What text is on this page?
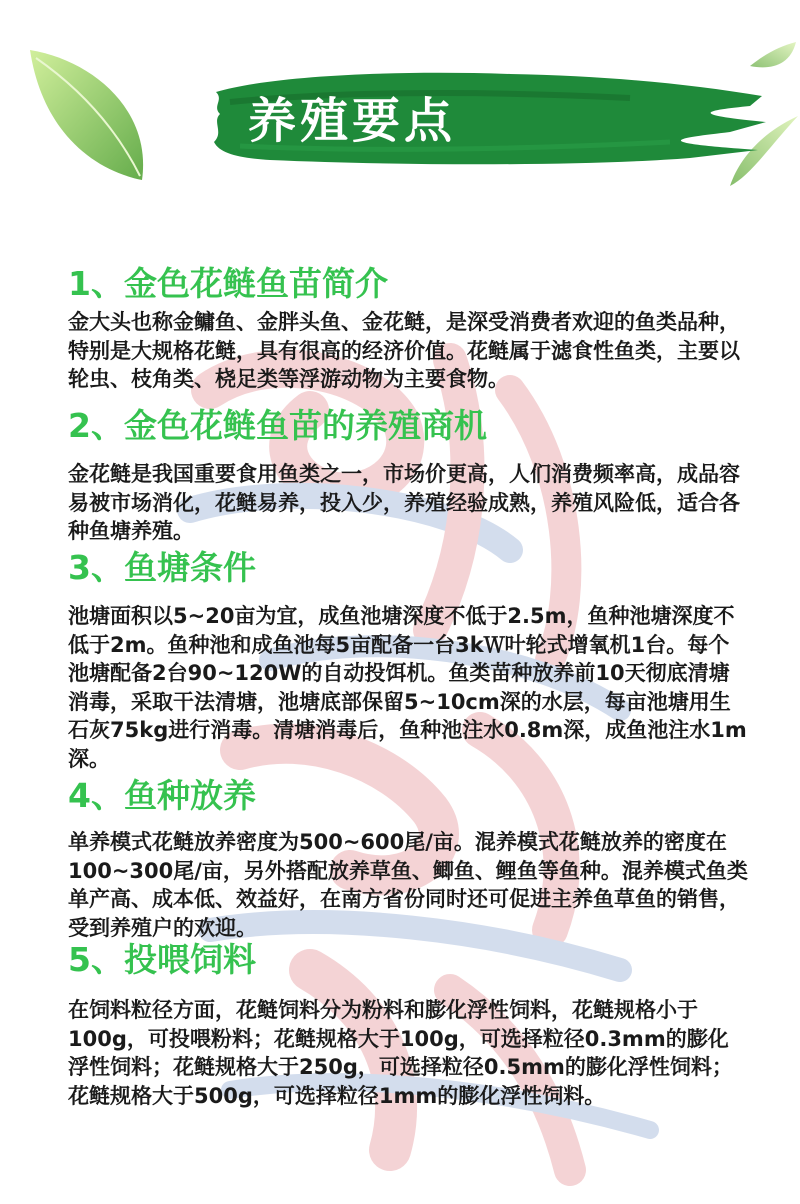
养殖要点
1、金色花鲢鱼苗简介

金大头也称金鳙鱼、金胖头鱼、金花鲢，是深受消费者欢迎的鱼类品种，特别是大规格花鲢，具有很高的经济价值。花鲢属于滤食性鱼类，主要以轮虫、枝角类、桡足类等浮游动物为主要食物。

2、金色花鲢鱼苗的养殖商机

金花鲢是我国重要食用鱼类之一，市场价更高，人们消费频率高，成品容易被市场消化，花鲢易养，投入少，养殖经验成熟，养殖风险低，适合各种鱼塘养殖。

3、鱼塘条件

池塘面积以5~20亩为宜，成鱼池塘深度不低于2.5m，鱼种池塘深度不低于2m。鱼种池和成鱼池每5亩配备一台3kＷ叶轮式增氧机1台。每个池塘配备2台90~120W的自动投饵机。鱼类苗种放养前10天彻底清塘消毒，采取干法清塘，池塘底部保留5~10cm深的水层，每亩池塘用生石灰75kg进行消毒。清塘消毒后，鱼种池注水0.8m深，成鱼池注水1m深。

4、鱼种放养

单养模式花鲢放养密度为500~600尾/亩。混养模式花鲢放养的密度在100~300尾/亩，另外搭配放养草鱼、鲫鱼、鲤鱼等鱼种。混养模式鱼类单产高、成本低、效益好，在南方省份同时还可促进主养鱼草鱼的销售，受到养殖户的欢迎。

5、投喂饲料

在饲料粒径方面，花鲢饲料分为粉料和膨化浮性饲料，花鲢规格小于100g，可投喂粉料；花鲢规格大于100g，可选择粒径0.3mm的膨化浮性饲料；花鲢规格大于250g，可选择粒径0.5mm的膨化浮性饲料；花鲢规格大于500g，可选择粒径1mm的膨化浮性饲料。
